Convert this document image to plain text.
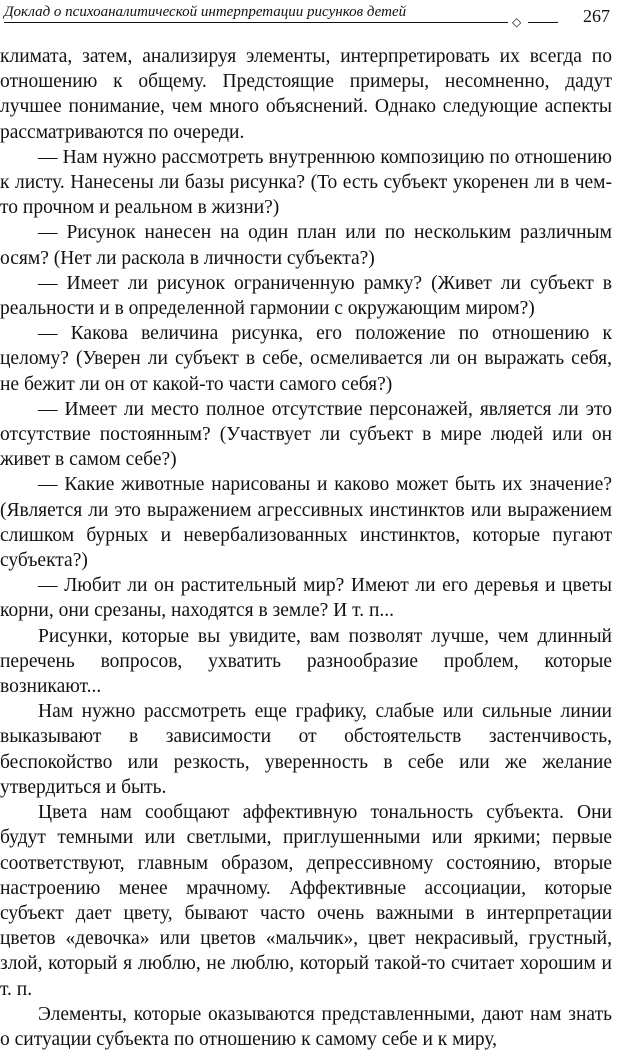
Доклад о психоаналитической интерпретации рисунков детей
◇	267

климата, затем, анализируя элементы, интерпретировать их всегда по отношению к общему. Предстоящие примеры, несомненно, дадут лучшее понимание, чем много объяснений. Однако следующие аспекты рассматриваются по очереди.

— Нам нужно рассмотреть внутреннюю композицию по отношению к листу. Нанесены ли базы рисунка? (То есть субъект укоренен ли в чем-то прочном и реальном в жизни?)

— Рисунок нанесен на один план или по нескольким различным осям? (Нет ли раскола в личности субъекта?)

— Имеет ли рисунок ограниченную рамку? (Живет ли субъект в реальности и в определенной гармонии с окружающим миром?)

— Какова величина рисунка, его положение по отношению к целому? (Уверен ли субъект в себе, осмеливается ли он выражать себя, не бежит ли он от какой-то части самого себя?)

— Имеет ли место полное отсутствие персонажей, является ли это отсутствие постоянным? (Участвует ли субъект в мире людей или он живет в самом себе?)

— Какие животные нарисованы и каково может быть их значение? (Является ли это выражением агрессивных инстинктов или выражением слишком бурных и невербализованных инстинктов, которые пугают субъекта?)

— Любит ли он растительный мир? Имеют ли его деревья и цветы корни, они срезаны, находятся в земле? И т. п...

Рисунки, которые вы увидите, вам позволят лучше, чем длинный перечень вопросов, ухватить разнообразие проблем, которые возникают...

Нам нужно рассмотреть еще графику, слабые или сильные линии выказывают в зависимости от обстоятельств застенчивость, беспокойство или резкость, уверенность в себе или же желание утвердиться и быть.

Цвета нам сообщают аффективную тональность субъекта. Они будут темными или светлыми, приглушенными или яркими; первые соответствуют, главным образом, депрессивному состоянию, вторые настроению менее мрачному. Аффективные ассоциации, которые субъект дает цвету, бывают часто очень важными в интерпретации цветов «девочка» или цветов «мальчик», цвет некрасивый, грустный, злой, который я люблю, не люблю, который такой-то считает хорошим и т. п.

Элементы, которые оказываются представленными, дают нам знать о ситуации субъекта по отношению к самому себе и к миру,
